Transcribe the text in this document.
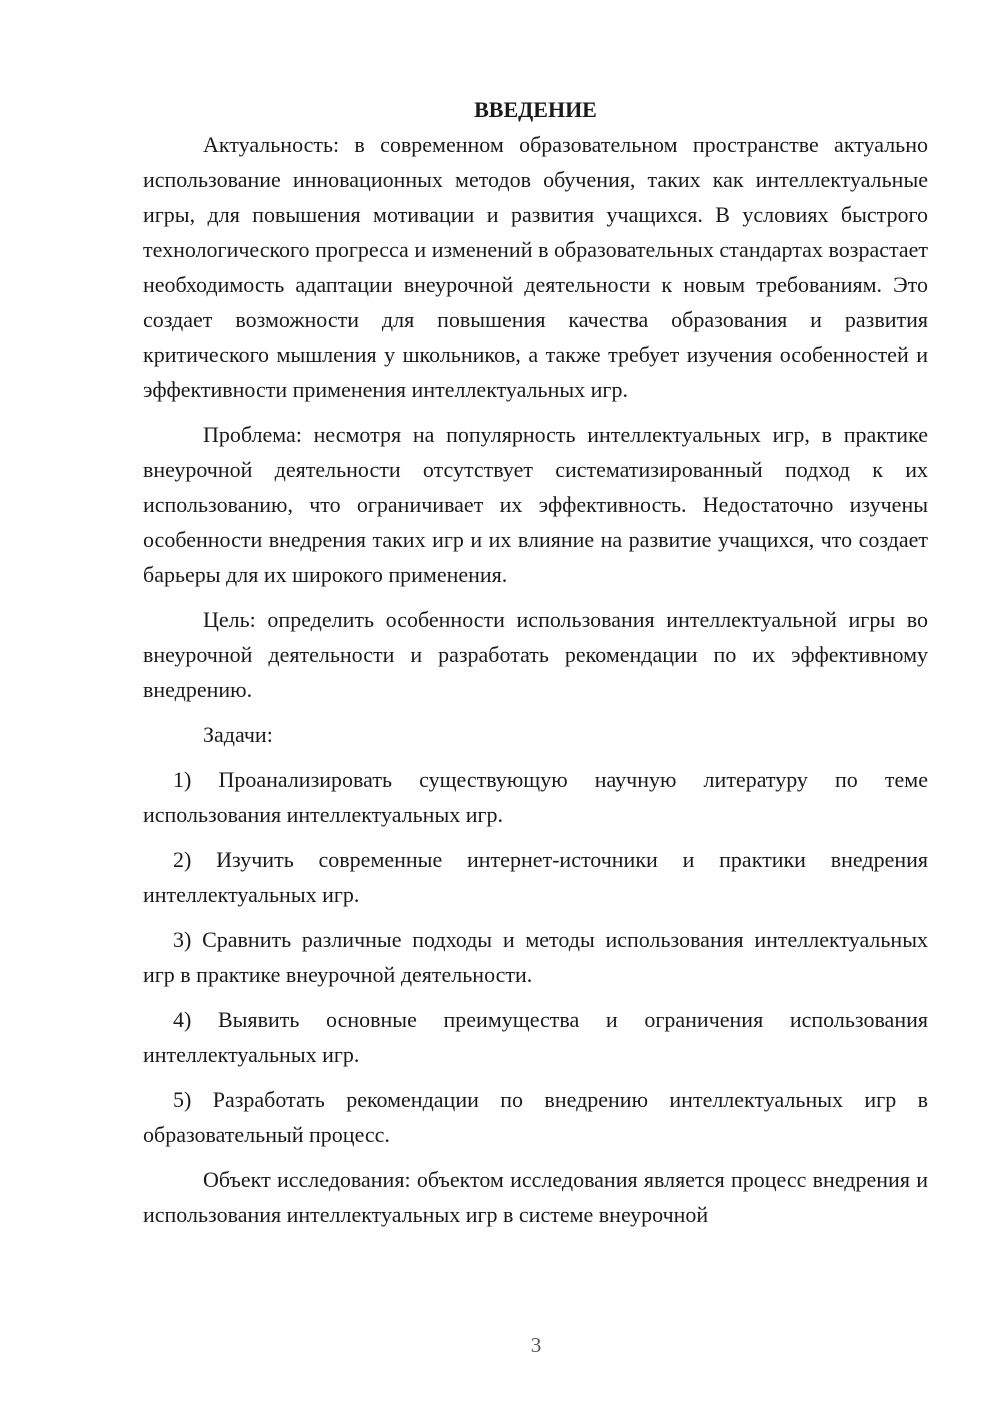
ВВЕДЕНИЕ

Актуальность: в современном образовательном пространстве актуально использование инновационных методов обучения, таких как интеллектуальные игры, для повышения мотивации и развития учащихся. В условиях быстрого технологического прогресса и изменений в образовательных стандартах возрастает необходимость адаптации внеурочной деятельности к новым требованиям. Это создает возможности для повышения качества образования и развития критического мышления у школьников, а также требует изучения особенностей и эффективности применения интеллектуальных игр.

Проблема: несмотря на популярность интеллектуальных игр, в практике внеурочной деятельности отсутствует систематизированный подход к их использованию, что ограничивает их эффективность. Недостаточно изучены особенности внедрения таких игр и их влияние на развитие учащихся, что создает барьеры для их широкого применения.

Цель: определить особенности использования интеллектуальной игры во внеурочной деятельности и разработать рекомендации по их эффективному внедрению.

Задачи:

1) Проанализировать существующую научную литературу по теме использования интеллектуальных игр.

2) Изучить современные интернет-источники и практики внедрения интеллектуальных игр.

3) Сравнить различные подходы и методы использования интеллектуальных игр в практике внеурочной деятельности.

4) Выявить основные преимущества и ограничения использования интеллектуальных игр.

5) Разработать рекомендации по внедрению интеллектуальных игр в образовательный процесс.

Объект исследования: объектом исследования является процесс внедрения и использования интеллектуальных игр в системе внеурочной

3
